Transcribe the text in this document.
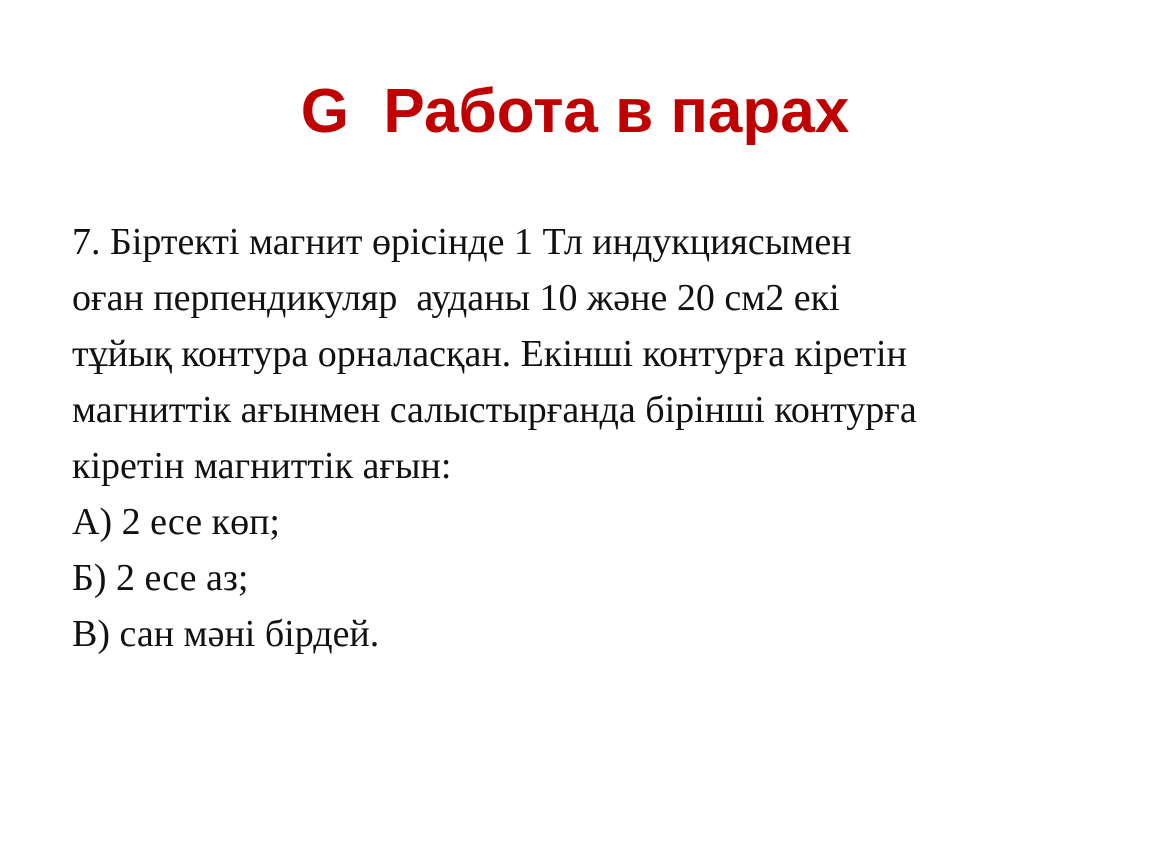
G  Работа в парах
7. Біртекті магнит өрісінде 1 Тл индукциясымен
оған перпендикуляр  ауданы 10 және 20 см2 екі
тұйық контура орналасқан. Екінші контурға кіретін
магниттік ағынмен салыстырғанда бірінші контурға
кіретін магниттік ағын:
А) 2 есе көп;
Б) 2 есе аз;
В) сан мәні бірдей.
